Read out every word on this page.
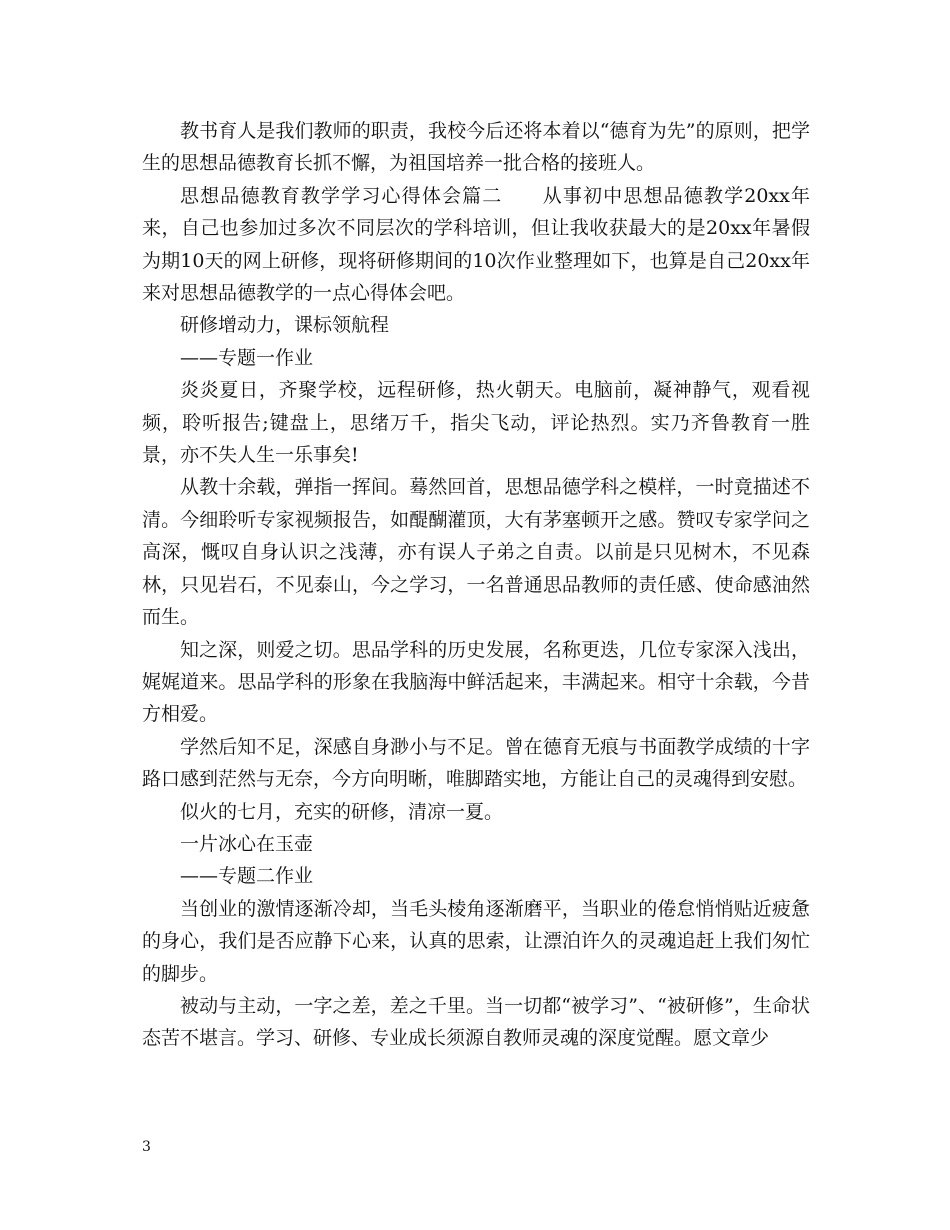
教书育人是我们教师的职责，我校今后还将本着以“德育为先”的原则，把学生的思想品德教育长抓不懈，为祖国培养一批合格的接班人。

思想品德教育教学学习心得体会篇二　　从事初中思想品德教学20xx年来，自己也参加过多次不同层次的学科培训，但让我收获最大的是20xx年暑假为期10天的网上研修，现将研修期间的10次作业整理如下，也算是自己20xx年来对思想品德教学的一点心得体会吧。

研修增动力，课标领航程

——专题一作业

炎炎夏日，齐聚学校，远程研修，热火朝天。电脑前，凝神静气，观看视频，聆听报告;键盘上，思绪万千，指尖飞动，评论热烈。实乃齐鲁教育一胜景，亦不失人生一乐事矣!

从教十余载，弹指一挥间。蓦然回首，思想品德学科之模样，一时竟描述不清。今细聆听专家视频报告，如醍醐灌顶，大有茅塞顿开之感。赞叹专家学问之高深，慨叹自身认识之浅薄，亦有误人子弟之自责。以前是只见树木，不见森林，只见岩石，不见泰山，今之学习，一名普通思品教师的责任感、使命感油然而生。

知之深，则爱之切。思品学科的历史发展，名称更迭，几位专家深入浅出，娓娓道来。思品学科的形象在我脑海中鲜活起来，丰满起来。相守十余载，今昔方相爱。

学然后知不足，深感自身渺小与不足。曾在德育无痕与书面教学成绩的十字路口感到茫然与无奈，今方向明晰，唯脚踏实地，方能让自己的灵魂得到安慰。

似火的七月，充实的研修，清凉一夏。

一片冰心在玉壶

——专题二作业

当创业的激情逐渐冷却，当毛头棱角逐渐磨平，当职业的倦怠悄悄贴近疲惫的身心，我们是否应静下心来，认真的思索，让漂泊许久的灵魂追赶上我们匆忙的脚步。

被动与主动，一字之差，差之千里。当一切都“被学习”、“被研修”，生命状态苦不堪言。学习、研修、专业成长须源自教师灵魂的深度觉醒。愿文章少

3
